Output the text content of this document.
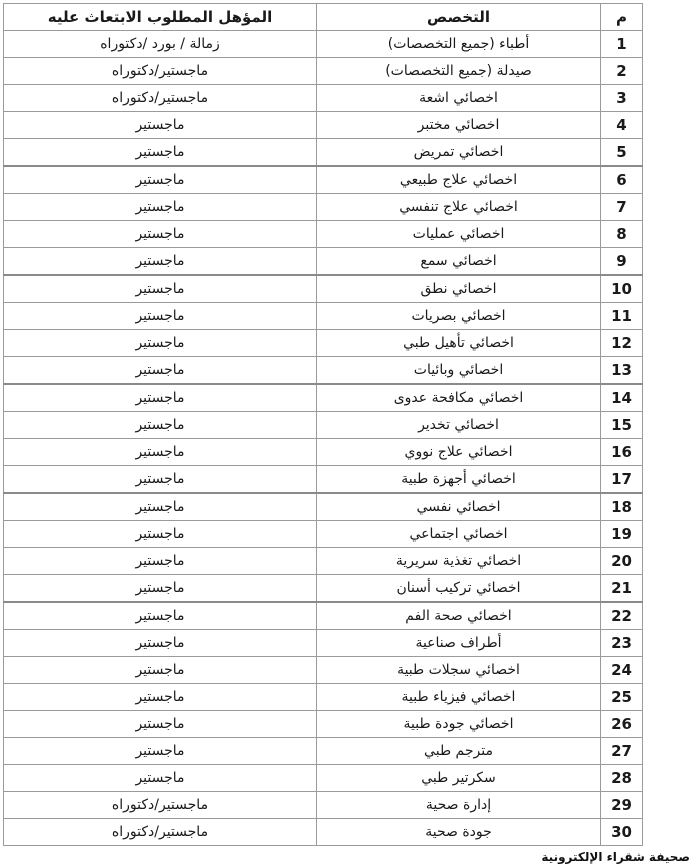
م	التخصص	المؤهل المطلوب الابتعاث عليه
1	أطباء (جميع التخصصات)	زمالة / بورد /دكتوراه
2	صيدلة (جميع التخصصات)	ماجستير/دكتوراه
3	اخصائي اشعة	ماجستير/دكتوراه
4	اخصائي مختبر	ماجستير
5	اخصائي تمريض	ماجستير
6	اخصائي علاج طبيعي	ماجستير
7	اخصائي علاج تنفسي	ماجستير
8	اخصائي عمليات	ماجستير
9	اخصائي سمع	ماجستير
10	اخصائي نطق	ماجستير
11	اخصائي بصريات	ماجستير
12	اخصائي تأهيل طبي	ماجستير
13	اخصائي وبائيات	ماجستير
14	اخصائي مكافحة عدوى	ماجستير
15	اخصائي تخدير	ماجستير
16	اخصائي علاج نووي	ماجستير
17	اخصائي أجهزة طبية	ماجستير
18	اخصائي نفسي	ماجستير
19	اخصائي اجتماعي	ماجستير
20	اخصائي تغذية سريرية	ماجستير
21	اخصائي تركيب أسنان	ماجستير
22	اخصائي صحة الفم	ماجستير
23	أطراف صناعية	ماجستير
24	اخصائي سجلات طبية	ماجستير
25	اخصائي فيزياء طبية	ماجستير
26	اخصائي جودة طبية	ماجستير
27	مترجم طبي	ماجستير
28	سكرتير طبي	ماجستير
29	إدارة صحية	ماجستير/دكتوراه
30	جودة صحية	ماجستير/دكتوراه
صحيفة شقراء الإلكترونية
